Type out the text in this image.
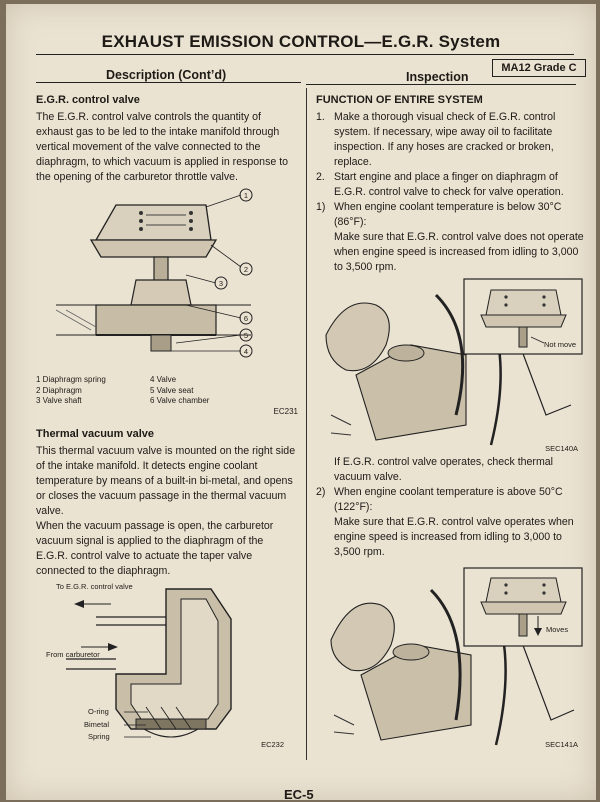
EXHAUST EMISSION CONTROL—E.G.R. System
MA12 Grade C
Description (Cont’d)	Inspection
E.G.R. control valve

The E.G.R. control valve controls the quantity of exhaust gas to be led to the intake manifold through vertical movement of the valve connected to the diaphragm, to which vacuum is applied in response to the opening of the carburetor throttle valve.

1
2
3
6
5
4
1 Diaphragm spring	4 Valve
2 Diaphragm	5 Valve seat
3 Valve shaft	6 Valve chamber
EC231
Thermal vacuum valve

This thermal vacuum valve is mounted on the right side of the intake manifold. It detects engine coolant temperature by means of a built-in bi-metal, and opens or closes the vacuum passage in the thermal vacuum valve.

When the vacuum passage is open, the carburetor vacuum signal is applied to the diaphragm of the E.G.R. control valve to actuate the taper valve connected to the diaphragm.

To E.G.R. control valve
From carburetor
O-ring
Bimetal
Spring
EC232
FUNCTION OF ENTIRE SYSTEM
1. Make a thorough visual check of E.G.R. control system. If necessary, wipe away oil to facilitate inspection. If any hoses are cracked or broken, replace.
2. Start engine and place a finger on diaphragm of E.G.R. control valve to check for valve operation.
1) When engine coolant temperature is below 30°C (86°F):
Make sure that E.G.R. control valve does not operate when engine speed is increased from idling to 3,000 to 3,500 rpm.
Not move
SEC140A

If E.G.R. control valve operates, check thermal vacuum valve.

2) When engine coolant temperature is above 50°C (122°F):
Make sure that E.G.R. control valve operates when engine speed is increased from idling to 3,000 to 3,500 rpm.
Moves
SEC141A
EC-5
